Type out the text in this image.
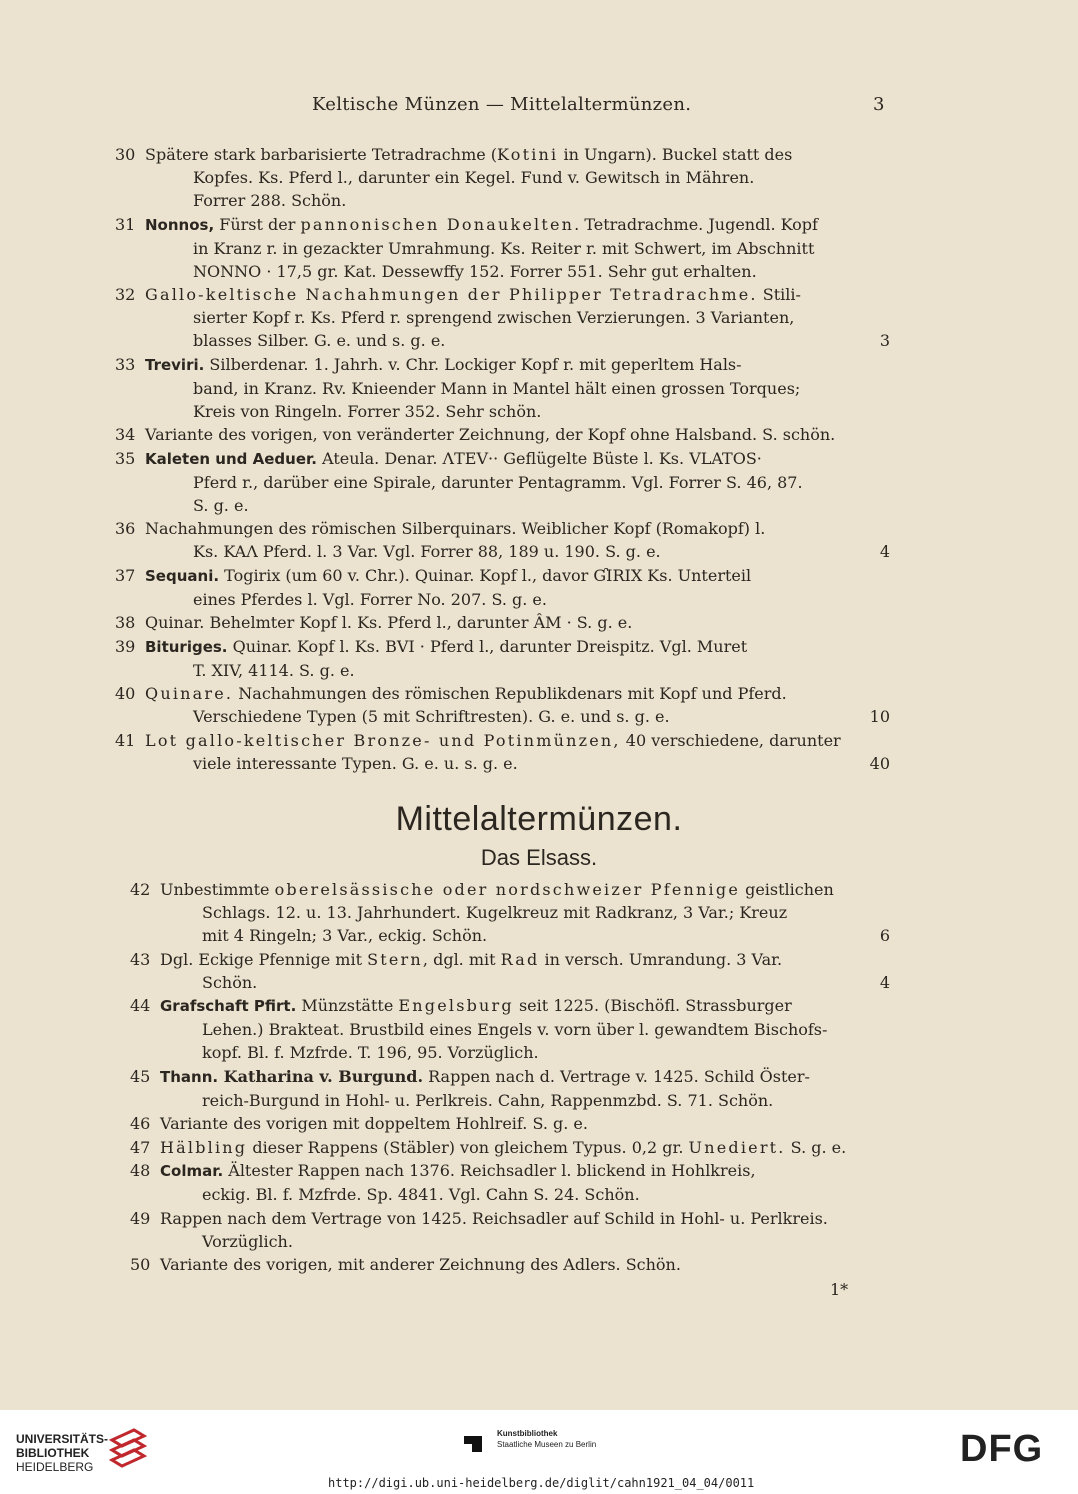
Keltische Münzen — Mittelaltermünzen.	3
30 Spätere stark barbarisierte Tetradrachme (Kotini in Ungarn). Buckel statt des
Kopfes. Ks. Pferd l., darunter ein Kegel. Fund v. Gewitsch in Mähren.
Forrer 288. Schön.
31 Nonnos, Fürst der pannonischen Donaukelten. Tetradrachme. Jugendl. Kopf
in Kranz r. in gezackter Umrahmung. Ks. Reiter r. mit Schwert, im Abschnitt
NONNO · 17,5 gr. Kat. Dessewffy 152. Forrer 551. Sehr gut erhalten.
32 Gallo-keltische Nachahmungen der Philipper Tetradrachme. Stili-
sierter Kopf r. Ks. Pferd r. sprengend zwischen Verzierungen. 3 Varianten,
blasses Silber. G. e. und s. g. e.	3
33 Treviri. Silberdenar. 1. Jahrh. v. Chr. Lockiger Kopf r. mit geperltem Hals-
band, in Kranz. Rv. Knieender Mann in Mantel hält einen grossen Torques;
Kreis von Ringeln. Forrer 352. Sehr schön.
34 Variante des vorigen, von veränderter Zeichnung, der Kopf ohne Halsband. S. schön.
35 Kaleten und Aeduer. Ateula. Denar. ΛTEV·· Geflügelte Büste l. Ks. VLATOS·
Pferd r., darüber eine Spirale, darunter Pentagramm. Vgl. Forrer S. 46, 87.
S. g. e.
36 Nachahmungen des römischen Silberquinars. Weiblicher Kopf (Romakopf) l.
Ks. KAΛ Pferd. l. 3 Var. Vgl. Forrer 88, 189 u. 190. S. g. e.	4
37 Sequani. Togirix (um 60 v. Chr.). Quinar. Kopf l., davor ƓIRIX Ks. Unterteil
eines Pferdes l. Vgl. Forrer No. 207. S. g. e.
38 Quinar. Behelmter Kopf l. Ks. Pferd l., darunter ÂM · S. g. e.
39 Bituriges. Quinar. Kopf l. Ks. BVI · Pferd l., darunter Dreispitz. Vgl. Muret
T. XIV, 4114. S. g. e.
40 Quinare. Nachahmungen des römischen Republikdenars mit Kopf und Pferd.
Verschiedene Typen (5 mit Schriftresten). G. e. und s. g. e.	10
41 Lot gallo-keltischer Bronze- und Potinmünzen, 40 verschiedene, darunter
viele interessante Typen. G. e. u. s. g. e.	40
Mittelaltermünzen.
Das Elsass.
42 Unbestimmte oberelsässische oder nordschweizer Pfennige geistlichen
Schlags. 12. u. 13. Jahrhundert. Kugelkreuz mit Radkranz, 3 Var.; Kreuz
mit 4 Ringeln; 3 Var., eckig. Schön.	6
43 Dgl. Eckige Pfennige mit Stern, dgl. mit Rad in versch. Umrandung. 3 Var.
Schön.	4
44 Grafschaft Pfirt. Münzstätte Engelsburg seit 1225. (Bischöfl. Strassburger
Lehen.) Brakteat. Brustbild eines Engels v. vorn über l. gewandtem Bischofs-
kopf. Bl. f. Mzfrde. T. 196, 95. Vorzüglich.
45 Thann. Katharina v. Burgund. Rappen nach d. Vertrage v. 1425. Schild Öster-
reich-Burgund in Hohl- u. Perlkreis. Cahn, Rappenmzbd. S. 71. Schön.
46 Variante des vorigen mit doppeltem Hohlreif. S. g. e.
47 Hälbling dieser Rappens (Stäbler) von gleichem Typus. 0,2 gr. Unediert. S. g. e.
48 Colmar. Ältester Rappen nach 1376. Reichsadler l. blickend in Hohlkreis,
eckig. Bl. f. Mzfrde. Sp. 4841. Vgl. Cahn S. 24. Schön.
49 Rappen nach dem Vertrage von 1425. Reichsadler auf Schild in Hohl- u. Perlkreis.
Vorzüglich.
50 Variante des vorigen, mit anderer Zeichnung des Adlers. Schön.
1*
UNIVERSITÄTS-
BIBLIOTHEK
HEIDELBERG
Kunstbibliothek
Staatliche Museen zu Berlin	DFG
http://digi.ub.uni-heidelberg.de/diglit/cahn1921_04_04/0011
